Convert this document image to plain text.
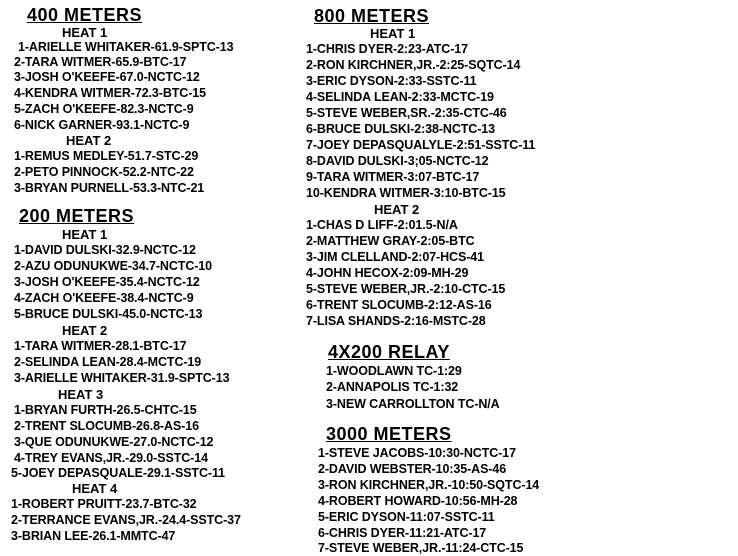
400 METERS
HEAT 1
1-ARIELLE WHITAKER-61.9-SPTC-13
2-TARA WITMER-65.9-BTC-17
3-JOSH O'KEEFE-67.0-NCTC-12
4-KENDRA WITMER-72.3-BTC-15
5-ZACH O'KEEFE-82.3-NCTC-9
6-NICK GARNER-93.1-NCTC-9
HEAT 2
1-REMUS MEDLEY-51.7-STC-29
2-PETO PINNOCK-52.2-NTC-22
3-BRYAN PURNELL-53.3-NTC-21
200 METERS
HEAT 1
1-DAVID DULSKI-32.9-NCTC-12
2-AZU ODUNUKWE-34.7-NCTC-10
3-JOSH O'KEEFE-35.4-NCTC-12
4-ZACH O'KEEFE-38.4-NCTC-9
5-BRUCE DULSKI-45.0-NCTC-13
HEAT 2
1-TARA WITMER-28.1-BTC-17
2-SELINDA LEAN-28.4-MCTC-19
3-ARIELLE WHITAKER-31.9-SPTC-13
HEAT 3
1-BRYAN FURTH-26.5-CHTC-15
2-TRENT SLOCUMB-26.8-AS-16
3-QUE ODUNUKWE-27.0-NCTC-12
4-TREY EVANS,JR.-29.0-SSTC-14
5-JOEY DEPASQUALE-29.1-SSTC-11
HEAT 4
1-ROBERT PRUITT-23.7-BTC-32
2-TERRANCE EVANS,JR.-24.4-SSTC-37
3-BRIAN LEE-26.1-MMTC-47
800 METERS
HEAT 1
1-CHRIS DYER-2:23-ATC-17
2-RON KIRCHNER,JR.-2:25-SQTC-14
3-ERIC DYSON-2:33-SSTC-11
4-SELINDA LEAN-2:33-MCTC-19
5-STEVE WEBER,SR.-2:35-CTC-46
6-BRUCE DULSKI-2:38-NCTC-13
7-JOEY DEPASQUALYLE-2:51-SSTC-11
8-DAVID DULSKI-3;05-NCTC-12
9-TARA WITMER-3:07-BTC-17
10-KENDRA WITMER-3:10-BTC-15
HEAT 2
1-CHAS D LIFF-2:01.5-N/A
2-MATTHEW GRAY-2:05-BTC
3-JIM CLELLAND-2:07-HCS-41
4-JOHN HECOX-2:09-MH-29
5-STEVE WEBER,JR.-2:10-CTC-15
6-TRENT SLOCUMB-2:12-AS-16
7-LISA SHANDS-2:16-MSTC-28
4X200 RELAY
1-WOODLAWN TC-1:29
2-ANNAPOLIS TC-1:32
3-NEW CARROLLTON TC-N/A
3000 METERS
1-STEVE JACOBS-10:30-NCTC-17
2-DAVID WEBSTER-10:35-AS-46
3-RON KIRCHNER,JR.-10:50-SQTC-14
4-ROBERT HOWARD-10:56-MH-28
5-ERIC DYSON-11:07-SSTC-11
6-CHRIS DYER-11:21-ATC-17
7-STEVE WEBER,JR.-11:24-CTC-15
